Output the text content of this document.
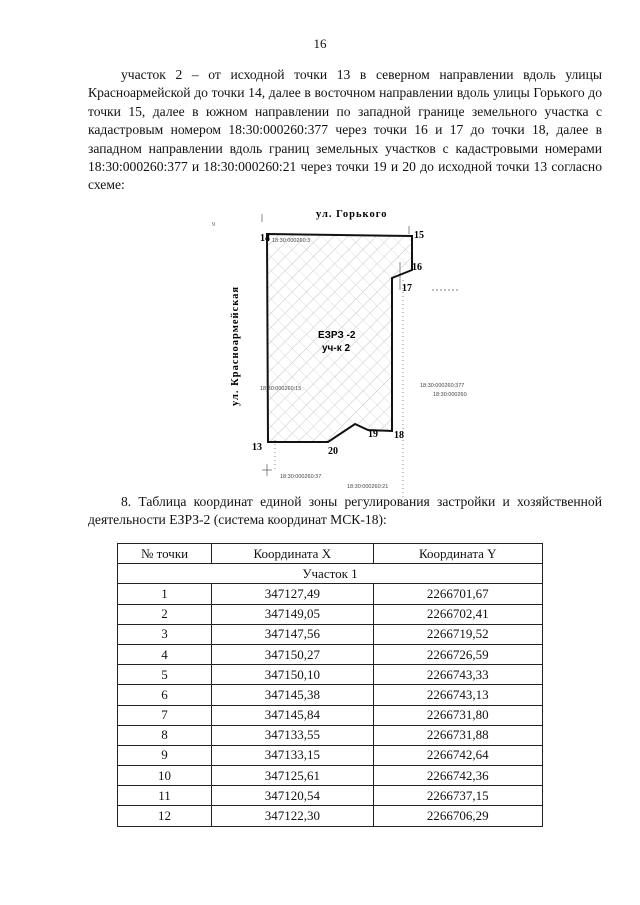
16

участок 2 – от исходной точки 13 в северном направлении вдоль улицы Красноармейской до точки 14, далее в восточном направлении вдоль улицы Горького до точки 15, далее в южном направлении по западной границе земельного участка с кадастровым номером 18:30:000260:377 через точки 16 и 17 до точки 18, далее в западном направлении вдоль границ земельных участков с кадастровыми номерами 18:30:000260:377 и 18:30:000260:21 через точки 19 и 20 до исходной точки 13 согласно схеме:

ул. Горького
ул. Красноармейская	ЕЗРЗ -2
уч-к 2
13
14	15
16
17
18
19
20
18:30:000260:3
18:30:000260:15	18:30:000260:377
18:30:000260
18:30:000260:37
18:30:000260:21
9

8. Таблица координат единой зоны регулирования застройки и хозяйственной деятельности ЕЗРЗ-2 (система координат МСК-18):

№ точки	Координата X	Координата Y
Участок 1		
1	347127,49	2266701,67
2	347149,05	2266702,41
3	347147,56	2266719,52
4	347150,27	2266726,59
5	347150,10	2266743,33
6	347145,38	2266743,13
7	347145,84	2266731,80
8	347133,55	2266731,88
9	347133,15	2266742,64
10	347125,61	2266742,36
11	347120,54	2266737,15
12	347122,30	2266706,29
